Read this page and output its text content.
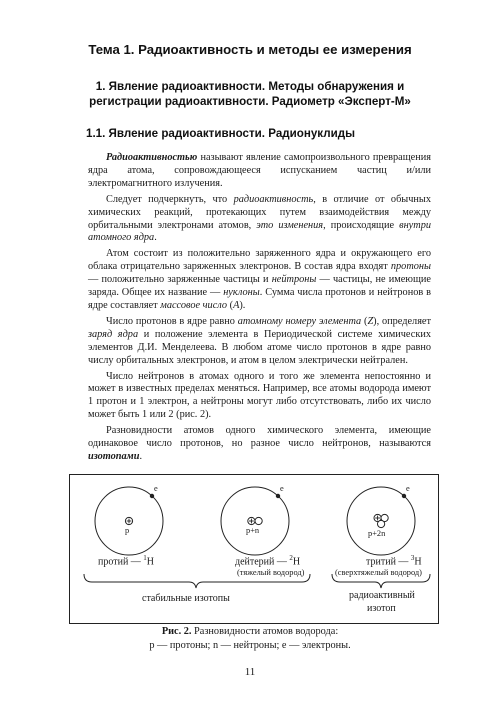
Тема 1. Радиоактивность и методы ее измерения
1. Явление радиоактивности. Методы обнаружения и регистрации радиоактивности. Радиометр «Эксперт-М»
1.1. Явление радиоактивности. Радионуклиды

Радиоактивностью называют явление самопроизвольного превращения ядра атома, сопровождающееся испусканием частиц и/или электромагнитного излучения.

Следует подчеркнуть, что радиоактивность, в отличие от обычных химических реакций, протекающих путем взаимодействия между орбитальными электронами атомов, это изменения, происходящие внутри атомного ядра.

Атом состоит из положительно заряженного ядра и окружающего его облака отрицательно заряженных электронов. В состав ядра входят протоны — положительно заряженные частицы и нейтроны — частицы, не имеющие заряда. Общее их название — нуклоны. Сумма числа протонов и нейтронов в ядре составляет массовое число (A).

Число протонов в ядре равно атомному номеру элемента (Z), определяет заряд ядра и положение элемента в Периодической системе химических элементов Д.И. Менделеева. В любом атоме число протонов в ядре равно числу орбитальных электронов, и атом в целом электрически нейтрален.

Число нейтронов в атомах одного и того же элемента непостоянно и может в известных пределах меняться. Например, все атомы водорода имеют 1 протон и 1 электрон, а нейтроны могут либо отсутствовать, либо их число может быть 1 или 2 (рис. 2).

Разновидности атомов одного химического элемента, имеющие одинаковое число протонов, но разное число нейтронов, называются изотопами.

e	e	e
p	p+n	p+2n
протий — $^1$H	дейтерий — $^2$H	тритий — $^3$H
(тяжелый водород)	(сверхтяжелый водород)
стабильные изотопы	радиоактивный
изотоп
Рис. 2. Разновидности атомов водорода:
p — протоны; n — нейтроны; e — электроны.
11
